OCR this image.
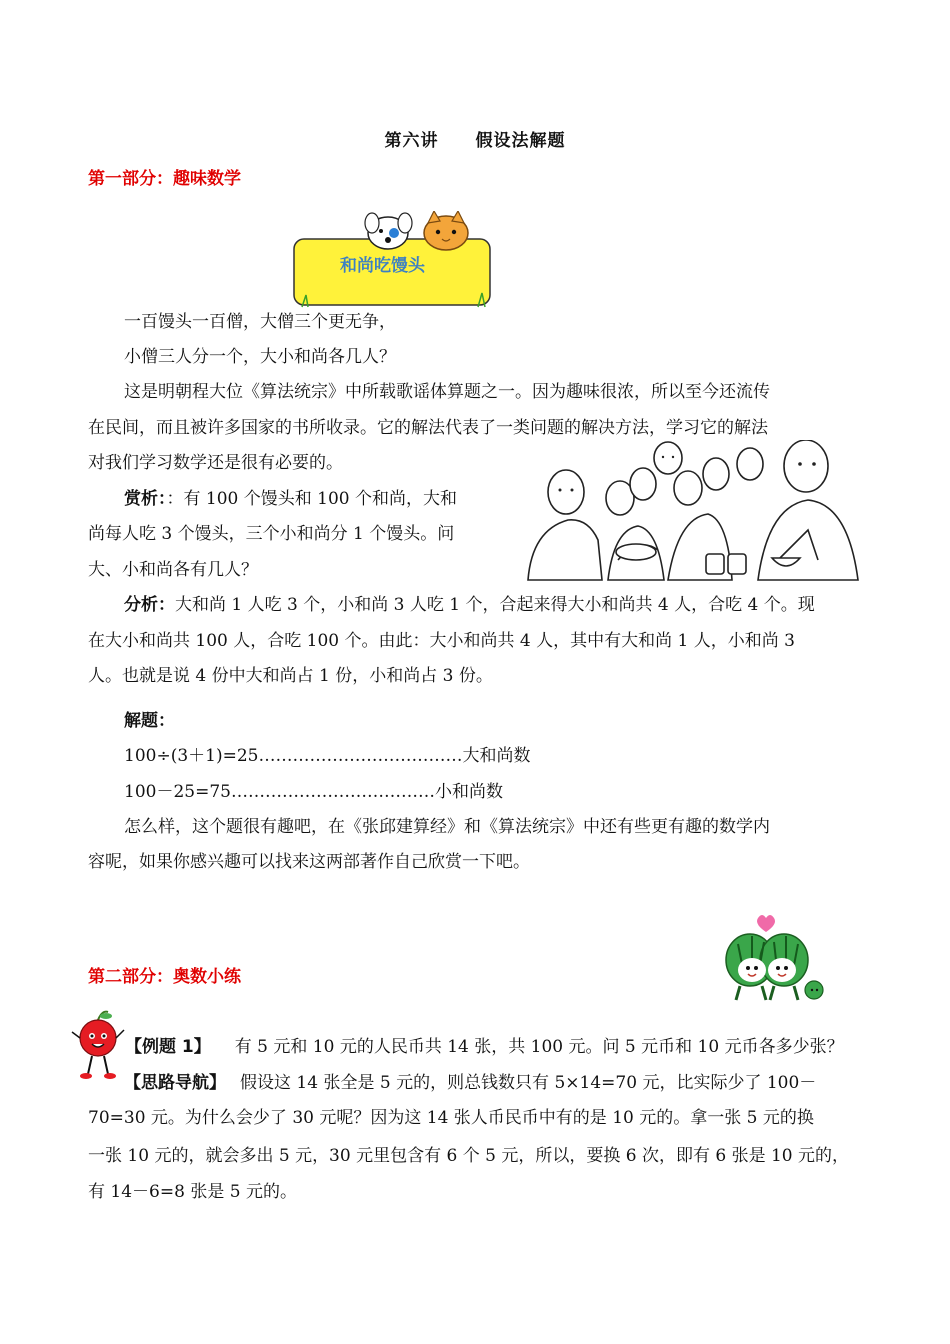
第六讲 假设法解题
第一部分：趣味数学
和尚吃馒头
一百馒头一百僧，大僧三个更无争，
小僧三人分一个，大小和尚各几人？
这是明朝程大位《算法统宗》中所载歌谣体算题之一。因为趣味很浓，所以至今还流传
在民间，而且被许多国家的书所收录。它的解法代表了一类问题的解决方法，学习它的解法
对我们学习数学还是很有必要的。
赏析：：有 100 个馒头和 100 个和尚，大和
尚每人吃 3 个馒头，三个小和尚分 1 个馒头。问
大、小和尚各有几人？
分析：大和尚 1 人吃 3 个，小和尚 3 人吃 1 个，合起来得大小和尚共 4 人，合吃 4 个。现
在大小和尚共 100 人，合吃 100 个。由此：大小和尚共 4 人，其中有大和尚 1 人，小和尚 3
人。也就是说 4 份中大和尚占 1 份，小和尚占 3 份。
解题：
100÷(3＋1)=25………………………………大和尚数
100－25=75………………………………小和尚数
怎么样，这个题很有趣吧，在《张邱建算经》和《算法统宗》中还有些更有趣的数学内
容呢，如果你感兴趣可以找来这两部著作自己欣赏一下吧。
第二部分：奥数小练
【例题 1】 有 5 元和 10 元的人民币共 14 张，共 100 元。问 5 元币和 10 元币各多少张？
【思路导航】 假设这 14 张全是 5 元的，则总钱数只有 5×14=70 元，比实际少了 100－
70=30 元。为什么会少了 30 元呢？因为这 14 张人币民币中有的是 10 元的。拿一张 5 元的换
一张 10 元的，就会多出 5 元，30 元里包含有 6 个 5 元，所以，要换 6 次，即有 6 张是 10 元的，
有 14－6=8 张是 5 元的。
